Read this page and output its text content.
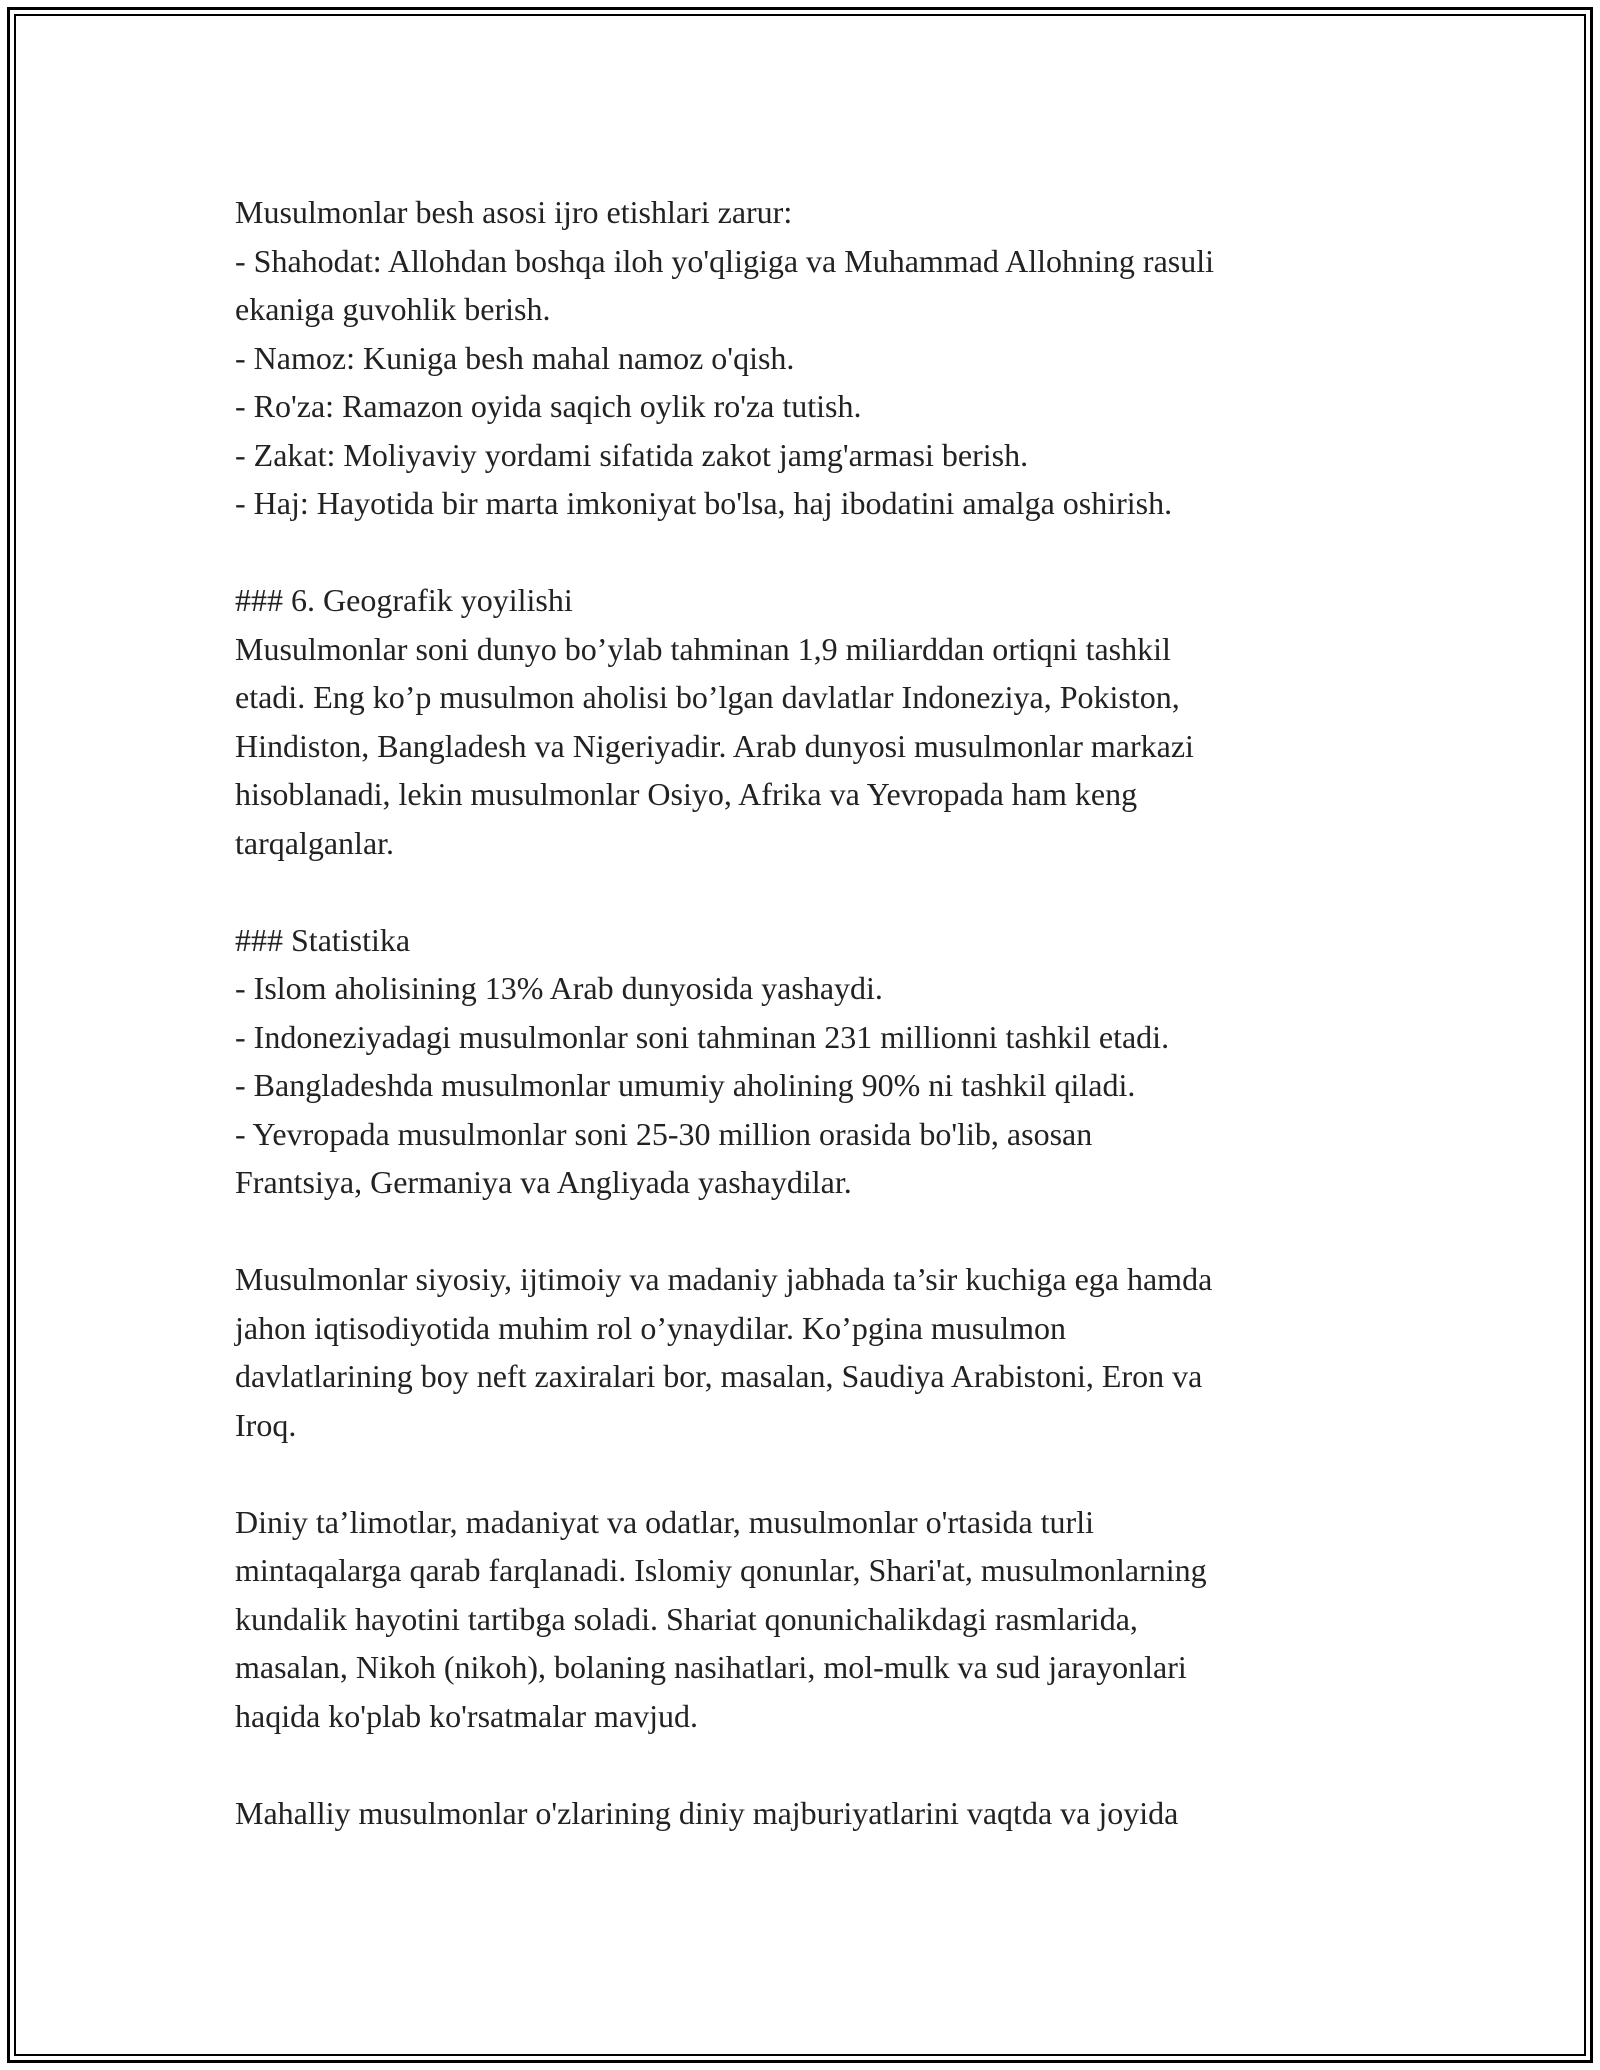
Musulmonlar besh asosi ijro etishlari zarur:
- Shahodat: Allohdan boshqa iloh yo'qligiga va Muhammad Allohning rasuli
ekaniga guvohlik berish.
- Namoz: Kuniga besh mahal namoz o'qish.
- Ro'za: Ramazon oyida saqich oylik ro'za tutish.
- Zakat: Moliyaviy yordami sifatida zakot jamg'armasi berish.
- Haj: Hayotida bir marta imkoniyat bo'lsa, haj ibodatini amalga oshirish.
### 6. Geografik yoyilishi
Musulmonlar soni dunyo bo’ylab tahminan 1,9 miliarddan ortiqni tashkil
etadi. Eng ko’p musulmon aholisi bo’lgan davlatlar Indoneziya, Pokiston,
Hindiston, Bangladesh va Nigeriyadir. Arab dunyosi musulmonlar markazi
hisoblanadi, lekin musulmonlar Osiyo, Afrika va Yevropada ham keng
tarqalganlar.
### Statistika
- Islom aholisining 13% Arab dunyosida yashaydi.
- Indoneziyadagi musulmonlar soni tahminan 231 millionni tashkil etadi.
- Bangladeshda musulmonlar umumiy aholining 90% ni tashkil qiladi.
- Yevropada musulmonlar soni 25-30 million orasida bo'lib, asosan
Frantsiya, Germaniya va Angliyada yashaydilar.
Musulmonlar siyosiy, ijtimoiy va madaniy jabhada ta’sir kuchiga ega hamda
jahon iqtisodiyotida muhim rol o’ynaydilar. Ko’pgina musulmon
davlatlarining boy neft zaxiralari bor, masalan, Saudiya Arabistoni, Eron va
Iroq.
Diniy ta’limotlar, madaniyat va odatlar, musulmonlar o'rtasida turli
mintaqalarga qarab farqlanadi. Islomiy qonunlar, Shari'at, musulmonlarning
kundalik hayotini tartibga soladi. Shariat qonunichalikdagi rasmlarida,
masalan, Nikoh (nikoh), bolaning nasihatlari, mol-mulk va sud jarayonlari
haqida ko'plab ko'rsatmalar mavjud.
Mahalliy musulmonlar o'zlarining diniy majburiyatlarini vaqtda va joyida
